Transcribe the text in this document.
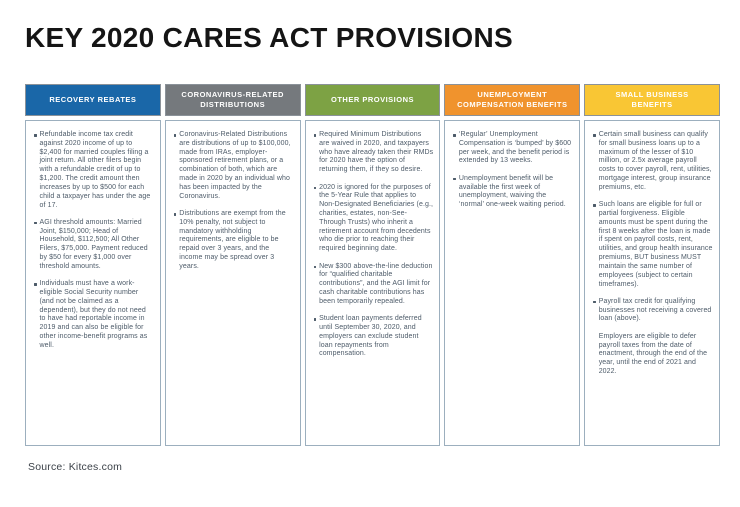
KEY 2020 CARES ACT PROVISIONS
RECOVERY REBATES
Refundable income tax credit against 2020 income of up to $2,400 for married couples filing a joint return. All other filers begin with a refundable credit of up to $1,200. The credit amount then increases by up to $500 for each child a taxpayer has under the age of 17.
AGI threshold amounts: Married Joint, $150,000; Head of Household, $112,500; All Other Filers, $75,000. Payment reduced by $50 for every $1,000 over threshold amounts.
Individuals must have a work-eligible Social Security number (and not be claimed as a dependent), but they do not need to have had reportable income in 2019 and can also be eligible for other income-benefit programs as well.
CORONAVIRUS-RELATED DISTRIBUTIONS
Coronavirus-Related Distributions are distributions of up to $100,000, made from IRAs, employer-sponsored retirement plans, or a combination of both, which are made in 2020 by an individual who has been impacted by the Coronavirus.
Distributions are exempt from the 10% penalty, not subject to mandatory withholding requirements, are eligible to be repaid over 3 years, and the income may be spread over 3 years.
OTHER PROVISIONS
Required Minimum Distributions are waived in 2020, and taxpayers who have already taken their RMDs for 2020 have the option of returning them, if they so desire.
2020 is ignored for the purposes of the 5-Year Rule that applies to Non-Designated Beneficiaries (e.g., charities, estates, non-See-Through Trusts) who inherit a retirement account from decedents who die prior to reaching their required beginning date.
New $300 above-the-line deduction for “qualified charitable contributions”, and the AGI limit for cash charitable contributions has been temporarily repealed.
Student loan payments deferred until September 30, 2020, and employers can exclude student loan repayments from compensation.
UNEMPLOYMENT COMPENSATION BENEFITS
‘Regular’ Unemployment Compensation is ‘bumped’ by $600 per week, and the benefit period is extended by 13 weeks.
Unemployment benefit will be available the first week of unemployment, waiving the ‘normal’ one-week waiting period.
SMALL BUSINESS BENEFITS
Certain small business can qualify for small business loans up to a maximum of the lesser of $10 million, or 2.5x average payroll costs to cover payroll, rent, utilities, mortgage interest, group insurance premiums, etc.
Such loans are eligible for full or partial forgiveness. Eligible amounts must be spent during the first 8 weeks after the loan is made if spent on payroll costs, rent, utilities, and group health insurance premiums, BUT business MUST maintain the same number of employees (subject to certain timeframes).
Payroll tax credit for qualifying businesses not receiving a covered loan (above).
Employers are eligible to defer payroll taxes from the date of enactment, through the end of the year, until the end of 2021 and 2022.
Source: Kitces.com
